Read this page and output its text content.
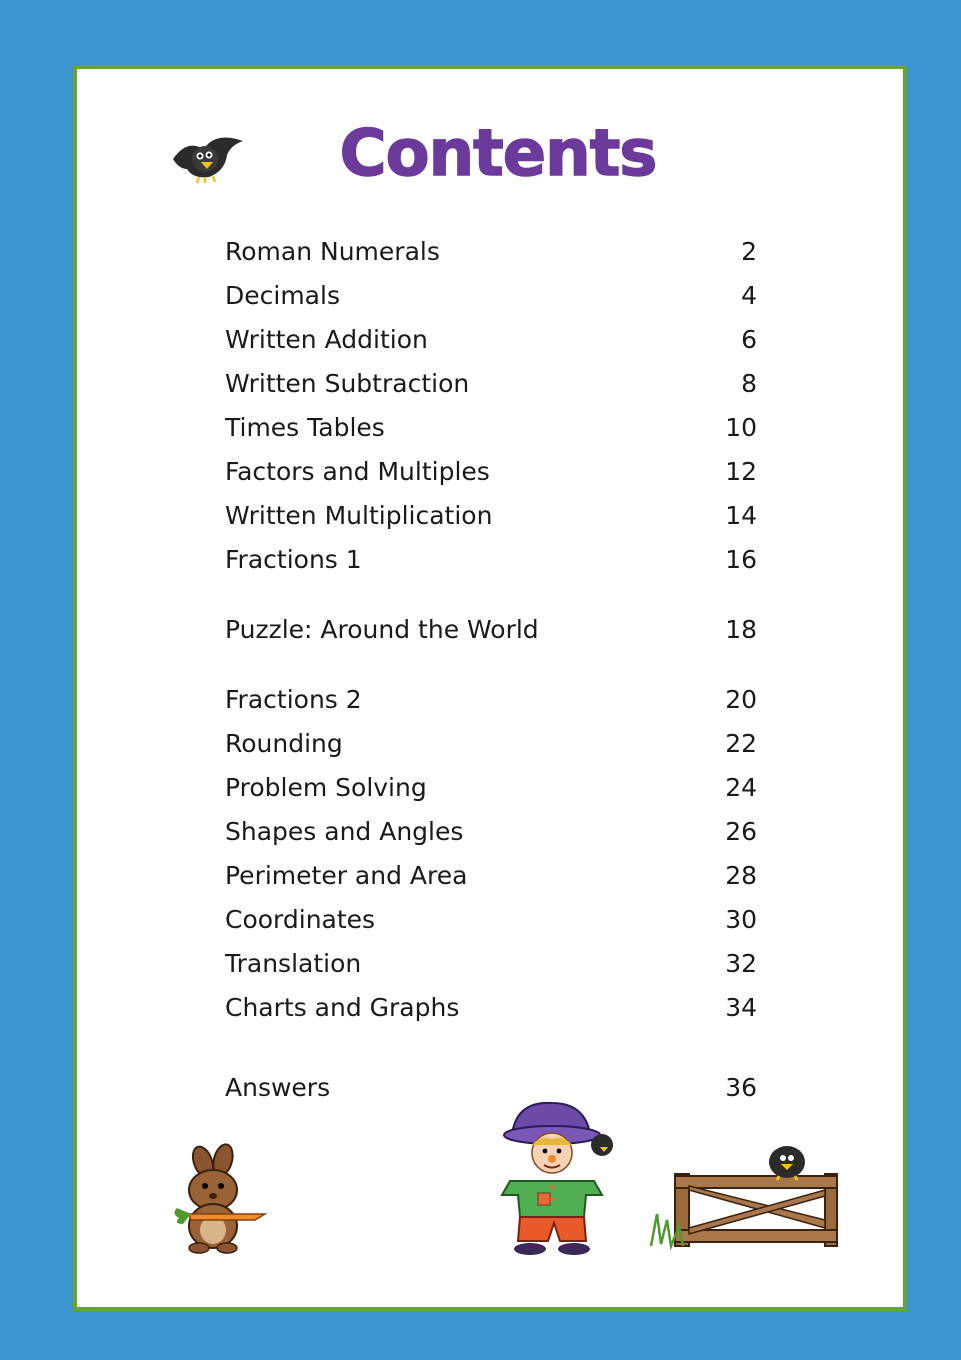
Contents
Roman Numerals	2
Decimals	4
Written Addition	6
Written Subtraction	8
Times Tables	10
Factors and Multiples	12
Written Multiplication	14
Fractions 1	16
Puzzle: Around the World	18
Fractions 2	20
Rounding	22
Problem Solving	24
Shapes and Angles	26
Perimeter and Area	28
Coordinates	30
Translation	32
Charts and Graphs	34
Answers	36
